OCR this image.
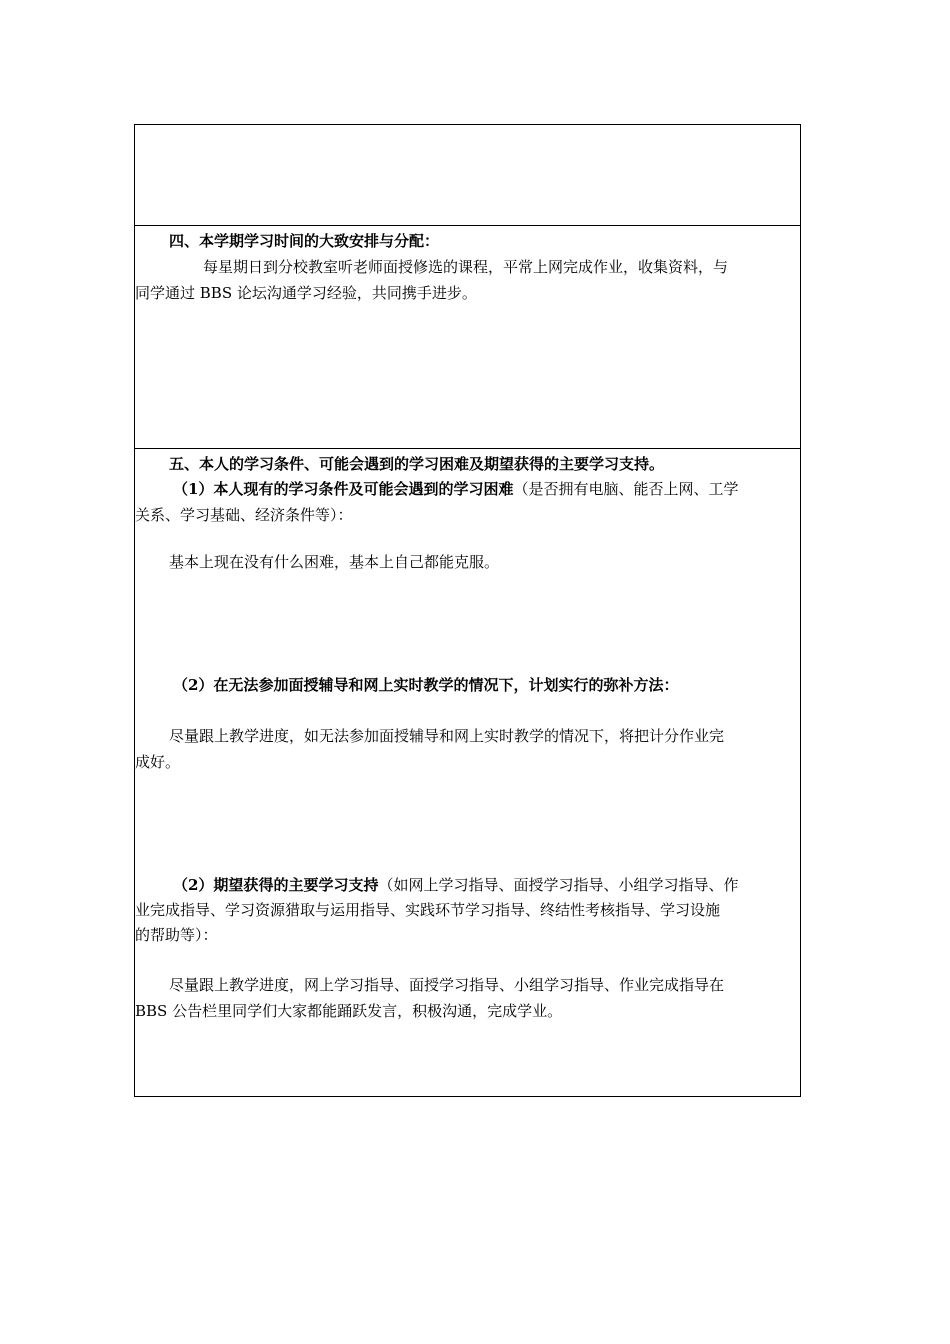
四、本学期学习时间的大致安排与分配：
每星期日到分校教室听老师面授修选的课程，平常上网完成作业，收集资料，与
同学通过 BBS 论坛沟通学习经验，共同携手进步。
五、本人的学习条件、可能会遇到的学习困难及期望获得的主要学习支持。
（1）本人现有的学习条件及可能会遇到的学习困难（是否拥有电脑、能否上网、工学
关系、学习基础、经济条件等）：
基本上现在没有什么困难，基本上自己都能克服。
（2）在无法参加面授辅导和网上实时教学的情况下，计划实行的弥补方法：
尽量跟上教学进度，如无法参加面授辅导和网上实时教学的情况下，将把计分作业完
成好。
（2）期望获得的主要学习支持（如网上学习指导、面授学习指导、小组学习指导、作
业完成指导、学习资源猎取与运用指导、实践环节学习指导、终结性考核指导、学习设施
的帮助等）：
尽量跟上教学进度，网上学习指导、面授学习指导、小组学习指导、作业完成指导在
BBS 公告栏里同学们大家都能踊跃发言，积极沟通，完成学业。
